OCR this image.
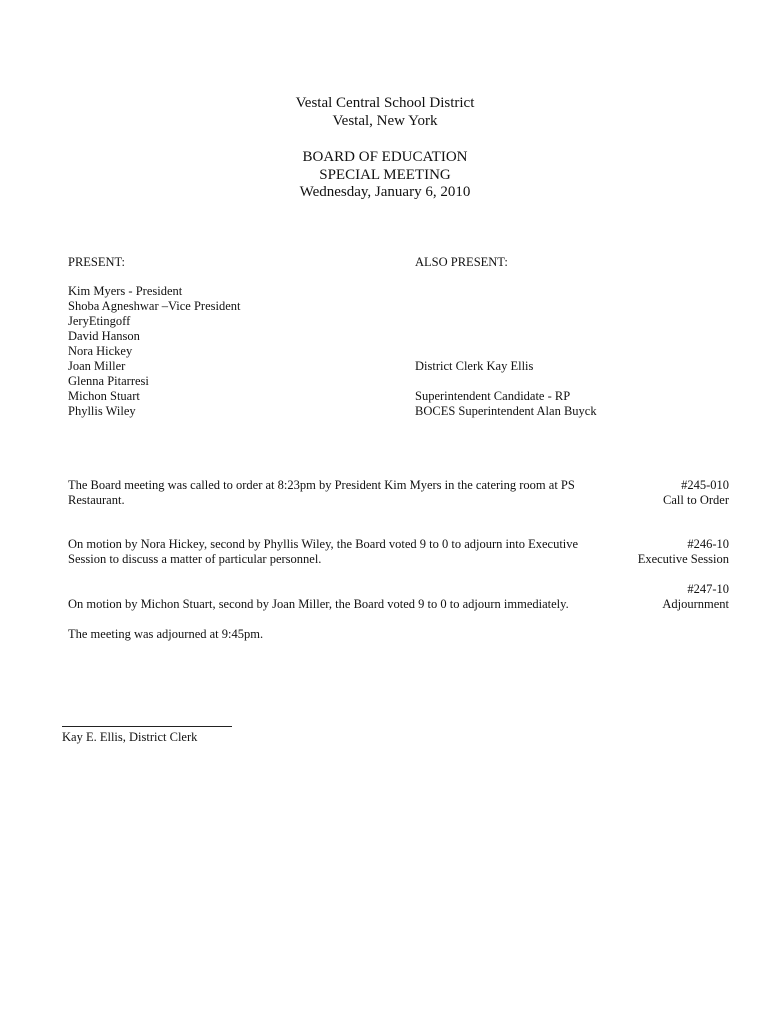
Vestal Central School District
Vestal, New York
BOARD OF EDUCATION
SPECIAL MEETING
Wednesday, January 6, 2010
PRESENT:
Kim Myers - President
Shoba Agneshwar –Vice President
JeryEtingoff
David Hanson
Nora Hickey
Joan Miller
Glenna Pitarresi
Michon Stuart
Phyllis Wiley
ALSO PRESENT:
District Clerk Kay Ellis
Superintendent Candidate - RP
BOCES Superintendent Alan Buyck
The Board meeting was called to order at 8:23pm by President Kim Myers in the catering room at PS
Restaurant.
#245-010
Call to Order
On motion by Nora Hickey, second by Phyllis Wiley, the Board voted 9 to 0 to adjourn into Executive
Session to discuss a matter of particular personnel.
#246-10
Executive Session
On motion by Michon Stuart, second by Joan Miller, the Board voted 9 to 0 to adjourn immediately.
#247-10
Adjournment
The meeting was adjourned at 9:45pm.
Kay E. Ellis, District Clerk
